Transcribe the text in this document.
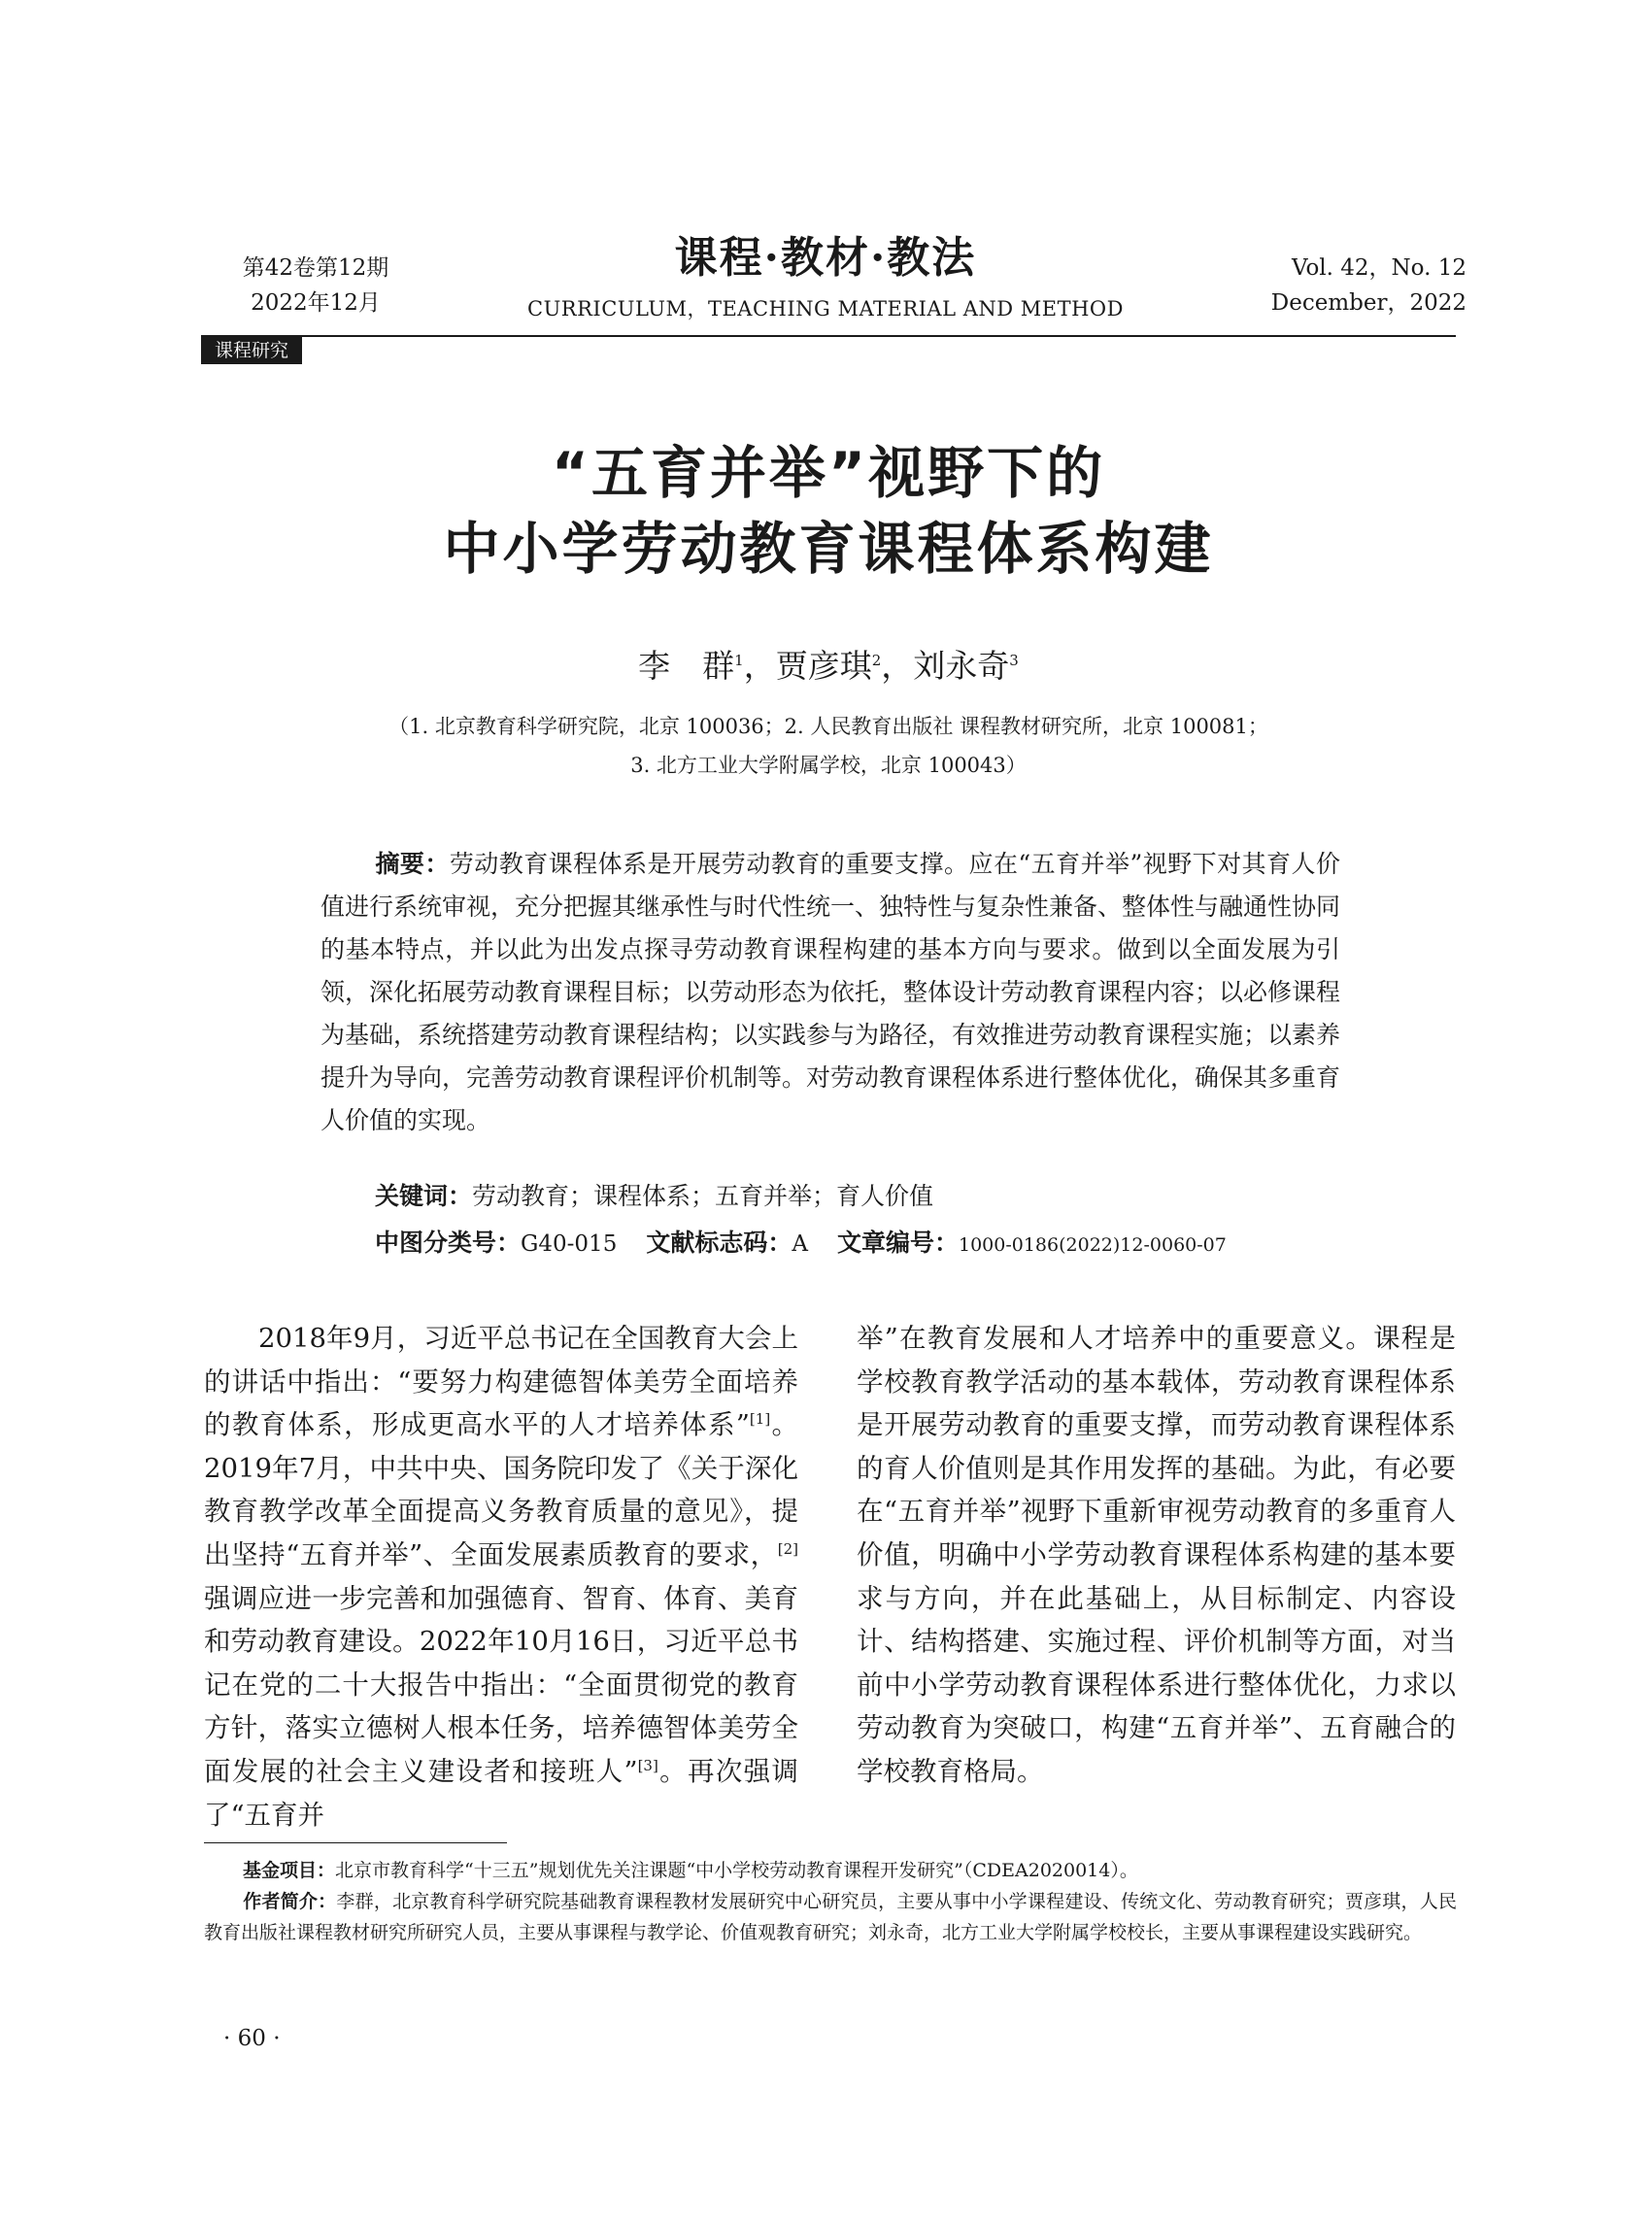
第42卷第12期
2022年12月
课程·教材·教法
CURRICULUM，TEACHING MATERIAL AND METHOD
Vol. 42，No. 12
December，2022
课程研究
“五育并举”视野下的
中小学劳动教育课程体系构建
李　群$^1$，贾彦琪$^2$，刘永奇$^3$
（1. 北京教育科学研究院，北京 100036；2. 人民教育出版社 课程教材研究所，北京 100081；
3. 北方工业大学附属学校，北京 100043）
摘要：劳动教育课程体系是开展劳动教育的重要支撑。应在“五育并举”视野下对其育人价值进行系统审视，充分把握其继承性与时代性统一、独特性与复杂性兼备、整体性与融通性协同的基本特点，并以此为出发点探寻劳动教育课程构建的基本方向与要求。做到以全面发展为引领，深化拓展劳动教育课程目标；以劳动形态为依托，整体设计劳动教育课程内容；以必修课程为基础，系统搭建劳动教育课程结构；以实践参与为路径，有效推进劳动教育课程实施；以素养提升为导向，完善劳动教育课程评价机制等。对劳动教育课程体系进行整体优化，确保其多重育人价值的实现。
关键词：劳动教育；课程体系；五育并举；育人价值
中图分类号：G40-015 文献标志码：A 文章编号：1000-0186(2022)12-0060-07
2018年9月，习近平总书记在全国教育大会上的讲话中指出：“要努力构建德智体美劳全面培养的教育体系，形成更高水平的人才培养体系”[1]。2019年7月，中共中央、国务院印发了《关于深化教育教学改革全面提高义务教育质量的意见》，提出坚持“五育并举”、全面发展素质教育的要求，[2]强调应进一步完善和加强德育、智育、体育、美育和劳动教育建设。2022年10月16日，习近平总书记在党的二十大报告中指出：“全面贯彻党的教育方针，落实立德树人根本任务，培养德智体美劳全面发展的社会主义建设者和接班人”[3]。再次强调了“五育并
举”在教育发展和人才培养中的重要意义。课程是学校教育教学活动的基本载体，劳动教育课程体系是开展劳动教育的重要支撑，而劳动教育课程体系的育人价值则是其作用发挥的基础。为此，有必要在“五育并举”视野下重新审视劳动教育的多重育人价值，明确中小学劳动教育课程体系构建的基本要求与方向，并在此基础上，从目标制定、内容设计、结构搭建、实施过程、评价机制等方面，对当前中小学劳动教育课程体系进行整体优化，力求以劳动教育为突破口，构建“五育并举”、五育融合的学校教育格局。
基金项目：北京市教育科学“十三五”规划优先关注课题“中小学校劳动教育课程开发研究”（CDEA2020014）。
作者简介：李群，北京教育科学研究院基础教育课程教材发展研究中心研究员，主要从事中小学课程建设、传统文化、劳动教育研究；贾彦琪，人民教育出版社课程教材研究所研究人员，主要从事课程与教学论、价值观教育研究；刘永奇，北方工业大学附属学校校长，主要从事课程建设实践研究。
· 60 ·
